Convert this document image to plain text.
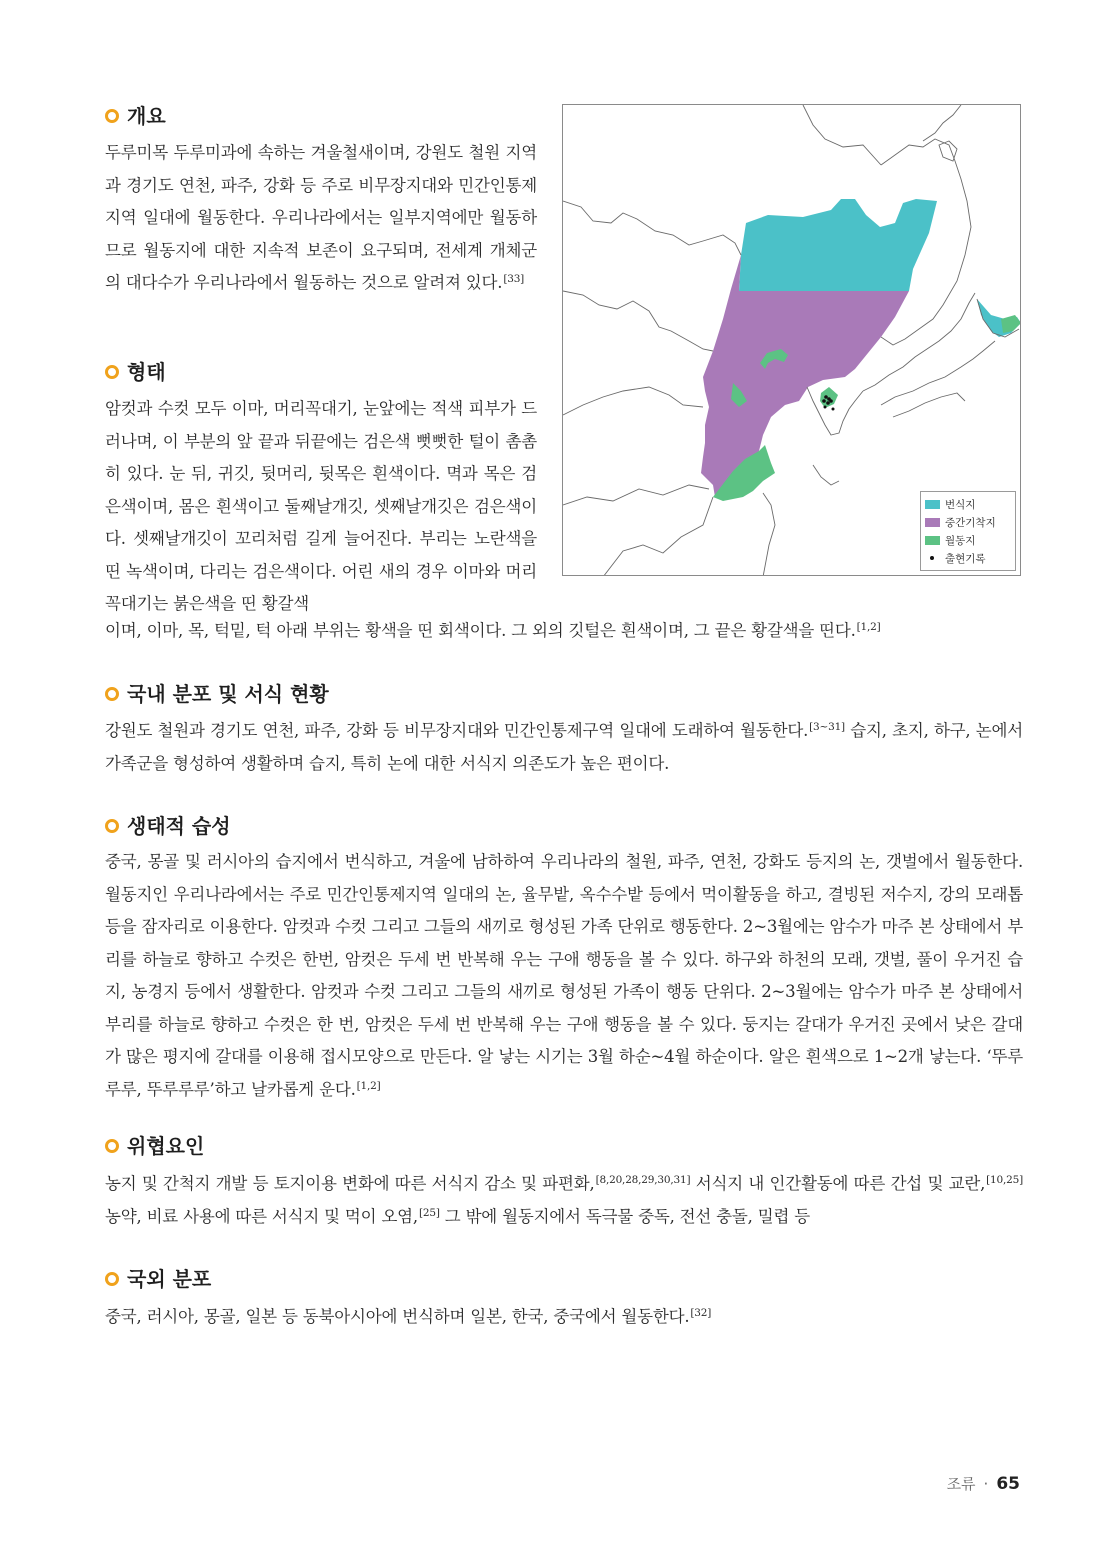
개요

두루미목 두루미과에 속하는 겨울철새이며, 강원도 철원 지역과 경기도 연천, 파주, 강화 등 주로 비무장지대와 민간인통제지역 일대에 월동한다. 우리나라에서는 일부지역에만 월동하므로 월동지에 대한 지속적 보존이 요구되며, 전세계 개체군의 대다수가 우리나라에서 월동하는 것으로 알려져 있다.[33]

형태

암컷과 수컷 모두 이마, 머리꼭대기, 눈앞에는 적색 피부가 드러나며, 이 부분의 앞 끝과 뒤끝에는 검은색 뻣뻣한 털이 촘촘히 있다. 눈 뒤, 귀깃, 뒷머리, 뒷목은 흰색이다. 멱과 목은 검은색이며, 몸은 흰색이고 둘째날개깃, 셋째날개깃은 검은색이다. 셋째날개깃이 꼬리처럼 길게 늘어진다. 부리는 노란색을 띤 녹색이며, 다리는 검은색이다. 어린 새의 경우 이마와 머리꼭대기는 붉은색을 띤 황갈색

이며, 이마, 목, 턱밑, 턱 아래 부위는 황색을 띤 회색이다. 그 외의 깃털은 흰색이며, 그 끝은 황갈색을 띤다.[1,2]

번식지
중간기착지
월동지
출현기록
국내 분포 및 서식 현황

강원도 철원과 경기도 연천, 파주, 강화 등 비무장지대와 민간인통제구역 일대에 도래하여 월동한다.[3~31] 습지, 초지, 하구, 논에서 가족군을 형성하여 생활하며 습지, 특히 논에 대한 서식지 의존도가 높은 편이다.

생태적 습성

중국, 몽골 및 러시아의 습지에서 번식하고, 겨울에 남하하여 우리나라의 철원, 파주, 연천, 강화도 등지의 논, 갯벌에서 월동한다. 월동지인 우리나라에서는 주로 민간인통제지역 일대의 논, 율무밭, 옥수수밭 등에서 먹이활동을 하고, 결빙된 저수지, 강의 모래톱 등을 잠자리로 이용한다. 암컷과 수컷 그리고 그들의 새끼로 형성된 가족 단위로 행동한다. 2~3월에는 암수가 마주 본 상태에서 부리를 하늘로 향하고 수컷은 한번, 암컷은 두세 번 반복해 우는 구애 행동을 볼 수 있다. 하구와 하천의 모래, 갯벌, 풀이 우거진 습지, 농경지 등에서 생활한다. 암컷과 수컷 그리고 그들의 새끼로 형성된 가족이 행동 단위다. 2~3월에는 암수가 마주 본 상태에서 부리를 하늘로 향하고 수컷은 한 번, 암컷은 두세 번 반복해 우는 구애 행동을 볼 수 있다. 둥지는 갈대가 우거진 곳에서 낮은 갈대가 많은 평지에 갈대를 이용해 접시모양으로 만든다. 알 낳는 시기는 3월 하순~4월 하순이다. 알은 흰색으로 1~2개 낳는다. ‘뚜루루루, 뚜루루루’하고 날카롭게 운다.[1,2]

위협요인

농지 및 간척지 개발 등 토지이용 변화에 따른 서식지 감소 및 파편화,[8,20,28,29,30,31] 서식지 내 인간활동에 따른 간섭 및 교란,[10,25] 농약, 비료 사용에 따른 서식지 및 먹이 오염,[25] 그 밖에 월동지에서 독극물 중독, 전선 충돌, 밀렵 등

국외 분포

중국, 러시아, 몽골, 일본 등 동북아시아에 번식하며 일본, 한국, 중국에서 월동한다.[32]

조류 · 65
